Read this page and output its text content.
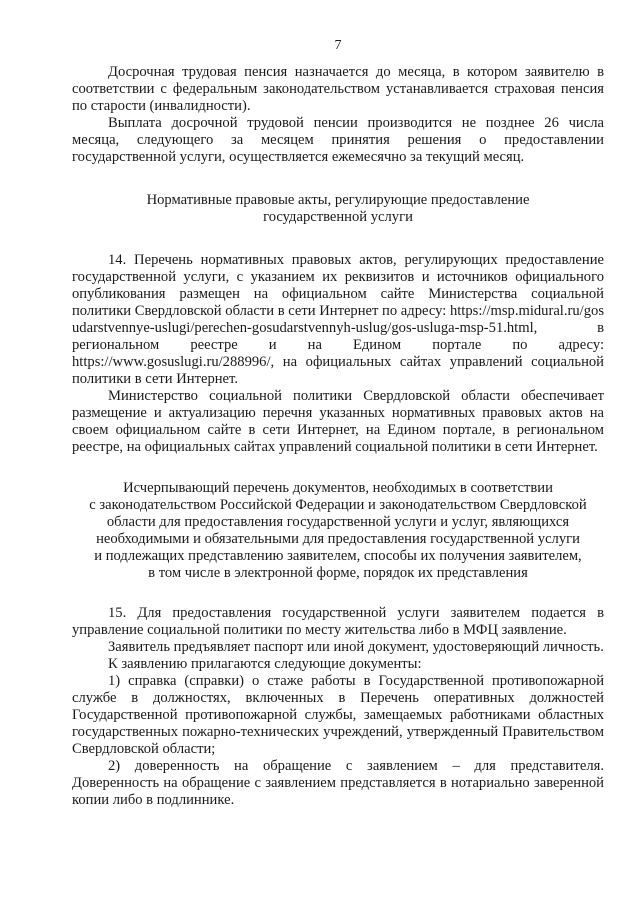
7

Досрочная трудовая пенсия назначается до месяца, в котором заявителю в соответствии с федеральным законодательством устанавливается страховая пенсия по старости (инвалидности).

Выплата досрочной трудовой пенсии производится не позднее 26 числа месяца, следующего за месяцем принятия решения о предоставлении государственной услуги, осуществляется ежемесячно за текущий месяц.

Нормативные правовые акты, регулирующие предоставление
государственной услуги

14. Перечень нормативных правовых актов, регулирующих предоставление государственной услуги, с указанием их реквизитов и источников официального опубликования размещен на официальном сайте Министерства социальной политики Свердловской области в сети Интернет по адресу: https://msp.midural.ru/gosudarstvennye-uslugi/perechen-gosudarstvennyh-uslug/gos-usluga-msp-51.html, в региональном реестре и на Едином портале по адресу: https://www.gosuslugi.ru/288996/, на официальных сайтах управлений социальной политики в сети Интернет.

Министерство социальной политики Свердловской области обеспечивает размещение и актуализацию перечня указанных нормативных правовых актов на своем официальном сайте в сети Интернет, на Едином портале, в региональном реестре, на официальных сайтах управлений социальной политики в сети Интернет.

Исчерпывающий перечень документов, необходимых в соответствии
с законодательством Российской Федерации и законодательством Свердловской
области для предоставления государственной услуги и услуг, являющихся
необходимыми и обязательными для предоставления государственной услуги
и подлежащих представлению заявителем, способы их получения заявителем,
в том числе в электронной форме, порядок их представления

15. Для предоставления государственной услуги заявителем подается в управление социальной политики по месту жительства либо в МФЦ заявление.

Заявитель предъявляет паспорт или иной документ, удостоверяющий личность.

К заявлению прилагаются следующие документы:

1) справка (справки) о стаже работы в Государственной противопожарной службе в должностях, включенных в Перечень оперативных должностей Государственной противопожарной службы, замещаемых работниками областных государственных пожарно-технических учреждений, утвержденный Правительством Свердловской области;

2) доверенность на обращение с заявлением – для представителя. Доверенность на обращение с заявлением представляется в нотариально заверенной копии либо в подлиннике.
